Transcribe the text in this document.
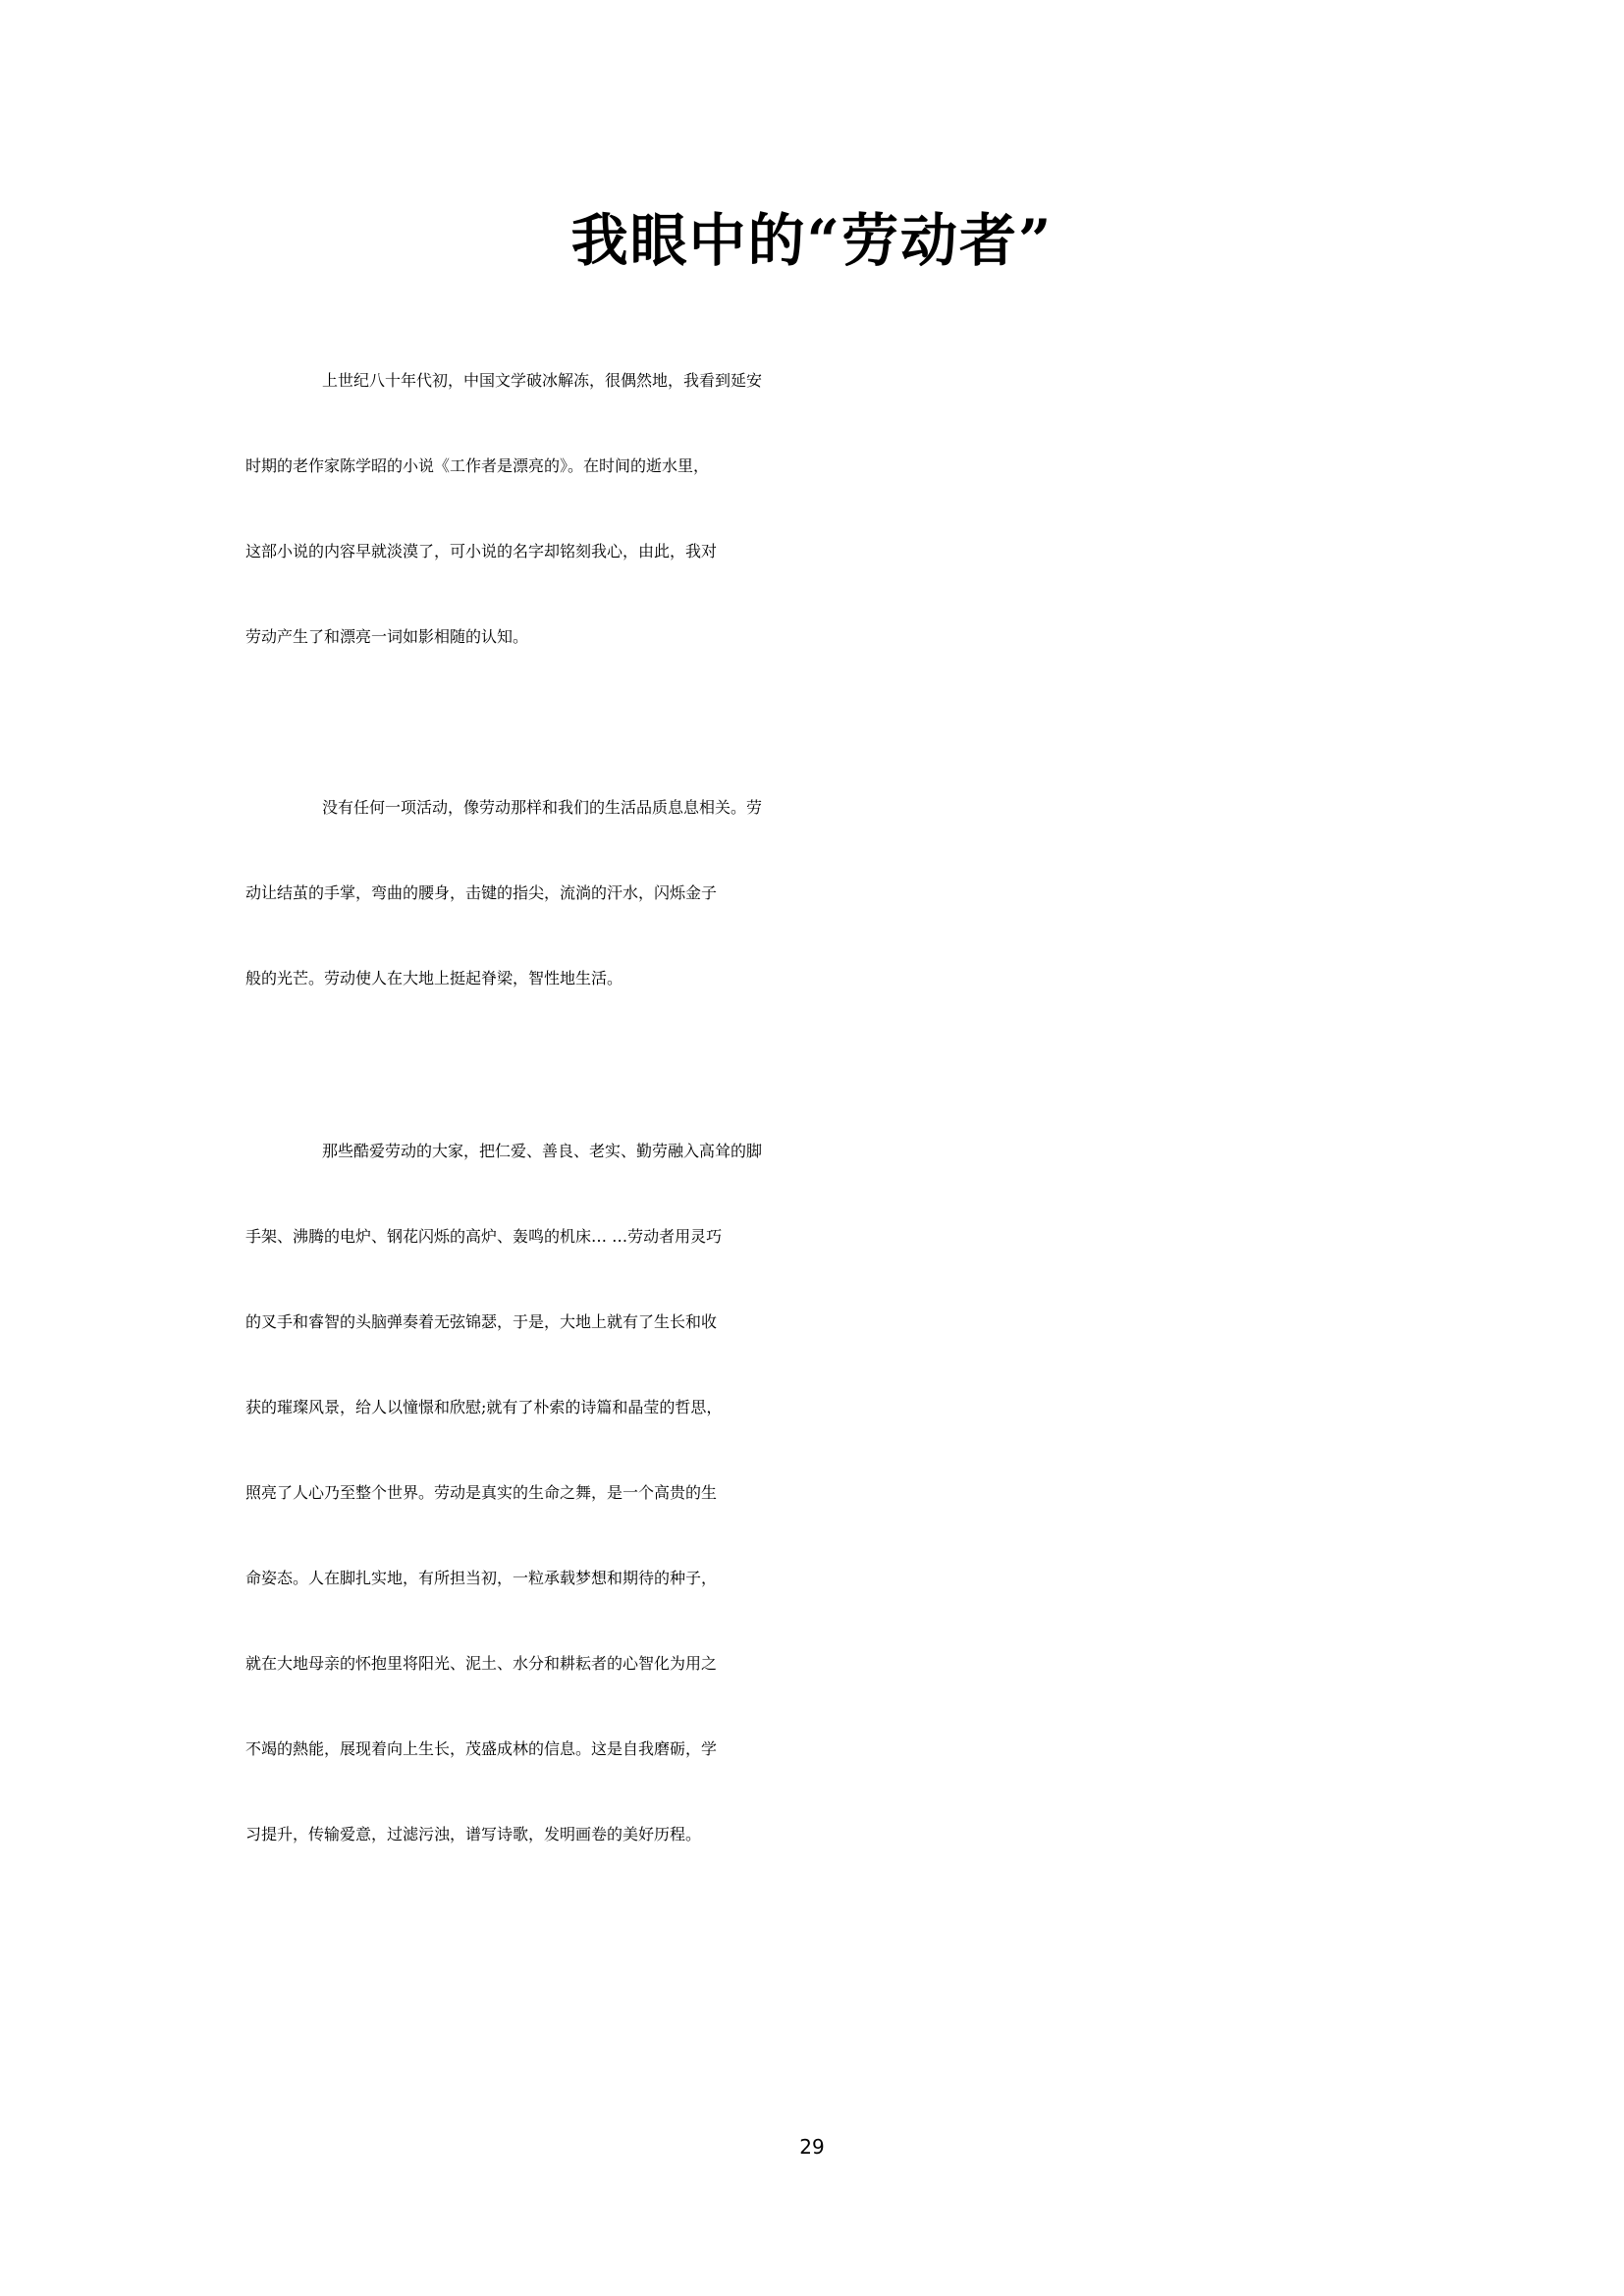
我眼中的“劳动者”
上世纪八十年代初，中国文学破冰解冻，很偶然地，我看到延安
时期的老作家陈学昭的小说《工作者是漂亮的》。在时间的逝水里，
这部小说的内容早就淡漠了，可小说的名字却铭刻我心，由此，我对
劳动产生了和漂亮一词如影相随的认知。
没有任何一项活动，像劳动那样和我们的生活品质息息相关。劳
动让结茧的手掌，弯曲的腰身，击键的指尖，流淌的汗水，闪烁金子
般的光芒。劳动使人在大地上挺起脊梁，智性地生活。
那些酷爱劳动的大家，把仁爱、善良、老实、勤劳融入高耸的脚
手架、沸腾的电炉、钢花闪烁的高炉、轰鸣的机床… …劳动者用灵巧
的叉手和睿智的头脑弹奏着无弦锦瑟，于是，大地上就有了生长和收
获的璀璨风景，给人以憧憬和欣慰;就有了朴索的诗篇和晶莹的哲思，
照亮了人心乃至整个世界。劳动是真实的生命之舞，是一个高贵的生
命姿态。人在脚扎实地，有所担当初，一粒承载梦想和期待的种子，
就在大地母亲的怀抱里将阳光、泥土、水分和耕耘者的心智化为用之
不竭的熱能，展现着向上生长，茂盛成林的信息。这是自我磨砺，学
习提升，传输爱意，过滤污浊，谱写诗歌，发明画卷的美好历程。
29
